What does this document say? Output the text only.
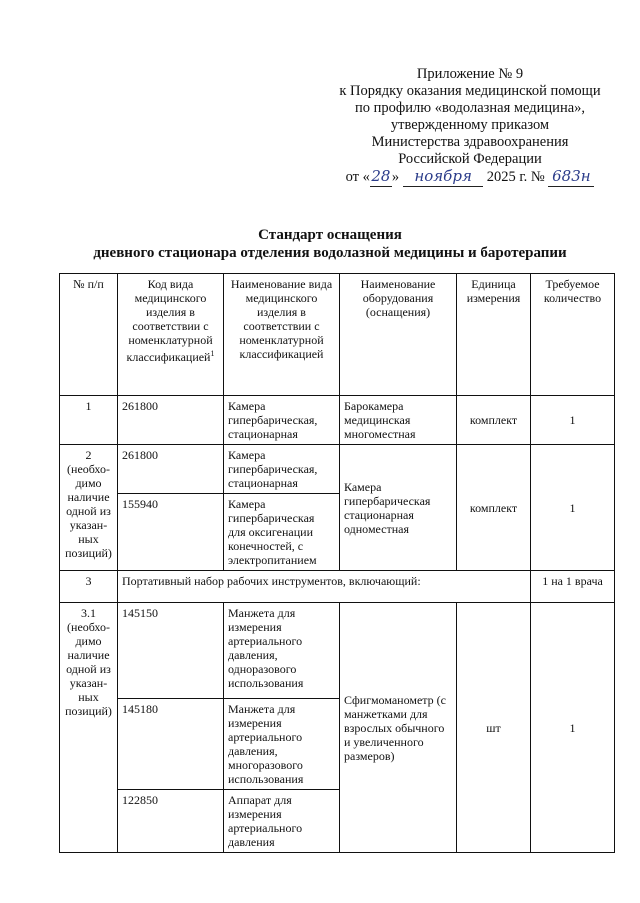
Приложение № 9
к Порядку оказания медицинской помощи
по профилю «водолазная медицина»,
утвержденному приказом
Министерства здравоохранения
Российской Федерации
от «28» ноября 2025 г. № 683н
Стандарт оснащения
дневного стационара отделения водолазной медицины и баротерапии
№ п/п	Код вида медицинского изделия в соответствии с номенклатурной классификацией$^1$	Наименование вида медицинского изделия в соответствии с номенклатурной классификацией	Наименование оборудования (оснащения)	Единица измерения	Требуемое количество
1	261800	Камера гипербарическая, стационарная	Барокамера медицинская многоместная	комплект	1
2 (необхо-димо наличие одной из указан-ных позиций)	261800	Камера гипербарическая, стационарная	Камера гипербарическая стационарная одноместная	комплект	1
	155940	Камера гипербарическая для оксигенации конечностей, с электропитанием			
3	Портативный набор рабочих инструментов, включающий:				1 на 1 врача
3.1 (необхо-димо наличие одной из указан-ных позиций)	145150	Манжета для измерения артериального давления, одноразового использования	Сфигмоманометр (с манжетками для взрослых обычного и увеличенного размеров)	шт	1
	145180	Манжета для измерения артериального давления, многоразового использования			
	122850	Аппарат для измерения артериального давления			
